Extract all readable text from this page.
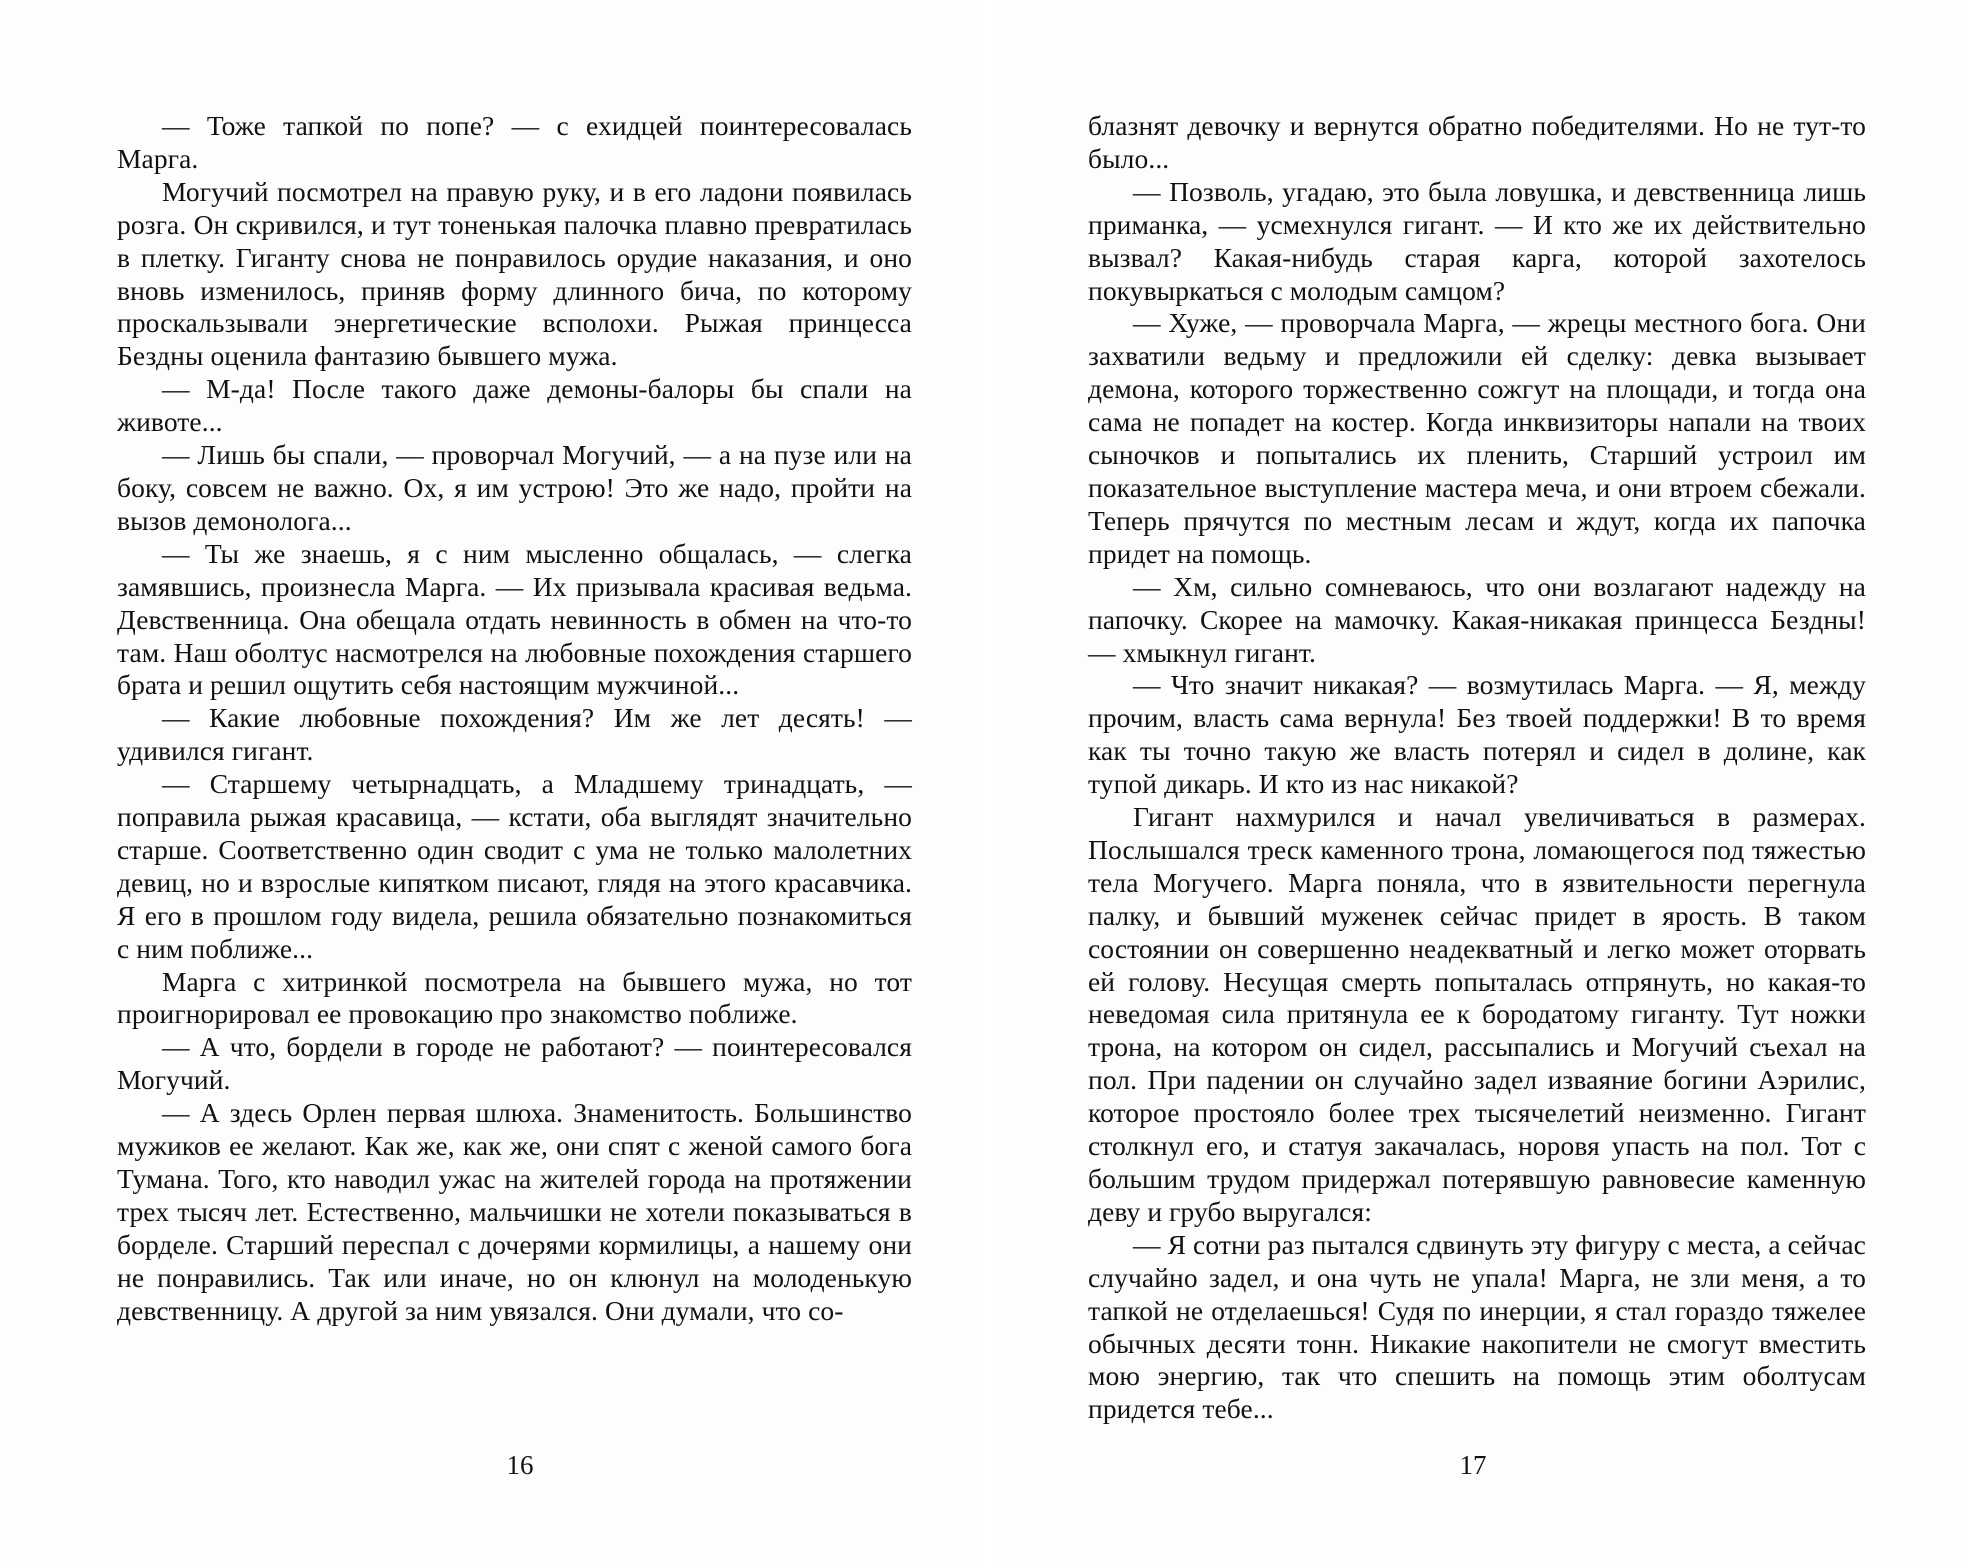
— Тоже тапкой по попе? — с ехидцей поинтересовалась Марга.

Могучий посмотрел на правую руку, и в его ладони появилась розга. Он скривился, и тут тоненькая палочка плавно превратилась в плетку. Гиганту снова не понравилось орудие наказания, и оно вновь изменилось, приняв форму длинного бича, по которому проскальзывали энергетические всполохи. Рыжая принцесса Бездны оценила фантазию бывшего мужа.

— М-да! После такого даже демоны-балоры бы спали на животе...

— Лишь бы спали, — проворчал Могучий, — а на пузе или на боку, совсем не важно. Ох, я им устрою! Это же надо, пройти на вызов демонолога...

— Ты же знаешь, я с ним мысленно общалась, — слегка замявшись, произнесла Марга. — Их призывала красивая ведьма. Девственница. Она обещала отдать невинность в обмен на что-то там. Наш оболтус насмотрелся на любовные похождения старшего брата и решил ощутить себя настоящим мужчиной...

— Какие любовные похождения? Им же лет десять! — удивился гигант.

— Старшему четырнадцать, а Младшему тринадцать, — поправила рыжая красавица, — кстати, оба выглядят значительно старше. Соответственно один сводит с ума не только малолетних девиц, но и взрослые кипятком писают, глядя на этого красавчика. Я его в прошлом году видела, решила обязательно познакомиться с ним поближе...

Марга с хитринкой посмотрела на бывшего мужа, но тот проигнорировал ее провокацию про знакомство поближе.

— А что, бордели в городе не работают? — поинтересовался Могучий.

— А здесь Орлен первая шлюха. Знаменитость. Большинство мужиков ее желают. Как же, как же, они спят с женой самого бога Тумана. Того, кто наводил ужас на жителей города на протяжении трех тысяч лет. Естественно, мальчишки не хотели показываться в борделе. Старший переспал с дочерями кормилицы, а нашему они не понравились. Так или иначе, но он клюнул на молоденькую девственницу. А другой за ним увязался. Они думали, что со-

16

блазнят девочку и вернутся обратно победителями. Но не тут-то было...

— Позволь, угадаю, это была ловушка, и девственница лишь приманка, — усмехнулся гигант. — И кто же их действительно вызвал? Какая-нибудь старая карга, которой захотелось покувыркаться с молодым самцом?

— Хуже, — проворчала Марга, — жрецы местного бога. Они захватили ведьму и предложили ей сделку: девка вызывает демона, которого торжественно сожгут на площади, и тогда она сама не попадет на костер. Когда инквизиторы напали на твоих сыночков и попытались их пленить, Старший устроил им показательное выступление мастера меча, и они втроем сбежали. Теперь прячутся по местным лесам и ждут, когда их папочка придет на помощь.

— Хм, сильно сомневаюсь, что они возлагают надежду на папочку. Скорее на мамочку. Какая-никакая принцесса Бездны! — хмыкнул гигант.

— Что значит никакая? — возмутилась Марга. — Я, между прочим, власть сама вернула! Без твоей поддержки! В то время как ты точно такую же власть потерял и сидел в долине, как тупой дикарь. И кто из нас никакой?

Гигант нахмурился и начал увеличиваться в размерах. Послышался треск каменного трона, ломающегося под тяжестью тела Могучего. Марга поняла, что в язвительности перегнула палку, и бывший муженек сейчас придет в ярость. В таком состоянии он совершенно неадекватный и легко может оторвать ей голову. Несущая смерть попыталась отпрянуть, но какая-то неведомая сила притянула ее к бородатому гиганту. Тут ножки трона, на котором он сидел, рассыпались и Могучий съехал на пол. При падении он случайно задел изваяние богини Аэрилис, которое простояло более трех тысячелетий неизменно. Гигант столкнул его, и статуя закачалась, норовя упасть на пол. Тот с большим трудом придержал потерявшую равновесие каменную деву и грубо выругался:

— Я сотни раз пытался сдвинуть эту фигуру с места, а сейчас случайно задел, и она чуть не упала! Марга, не зли меня, а то тапкой не отделаешься! Судя по инерции, я стал гораздо тяжелее обычных десяти тонн. Никакие накопители не смогут вместить мою энергию, так что спешить на помощь этим оболтусам придется тебе...

17
